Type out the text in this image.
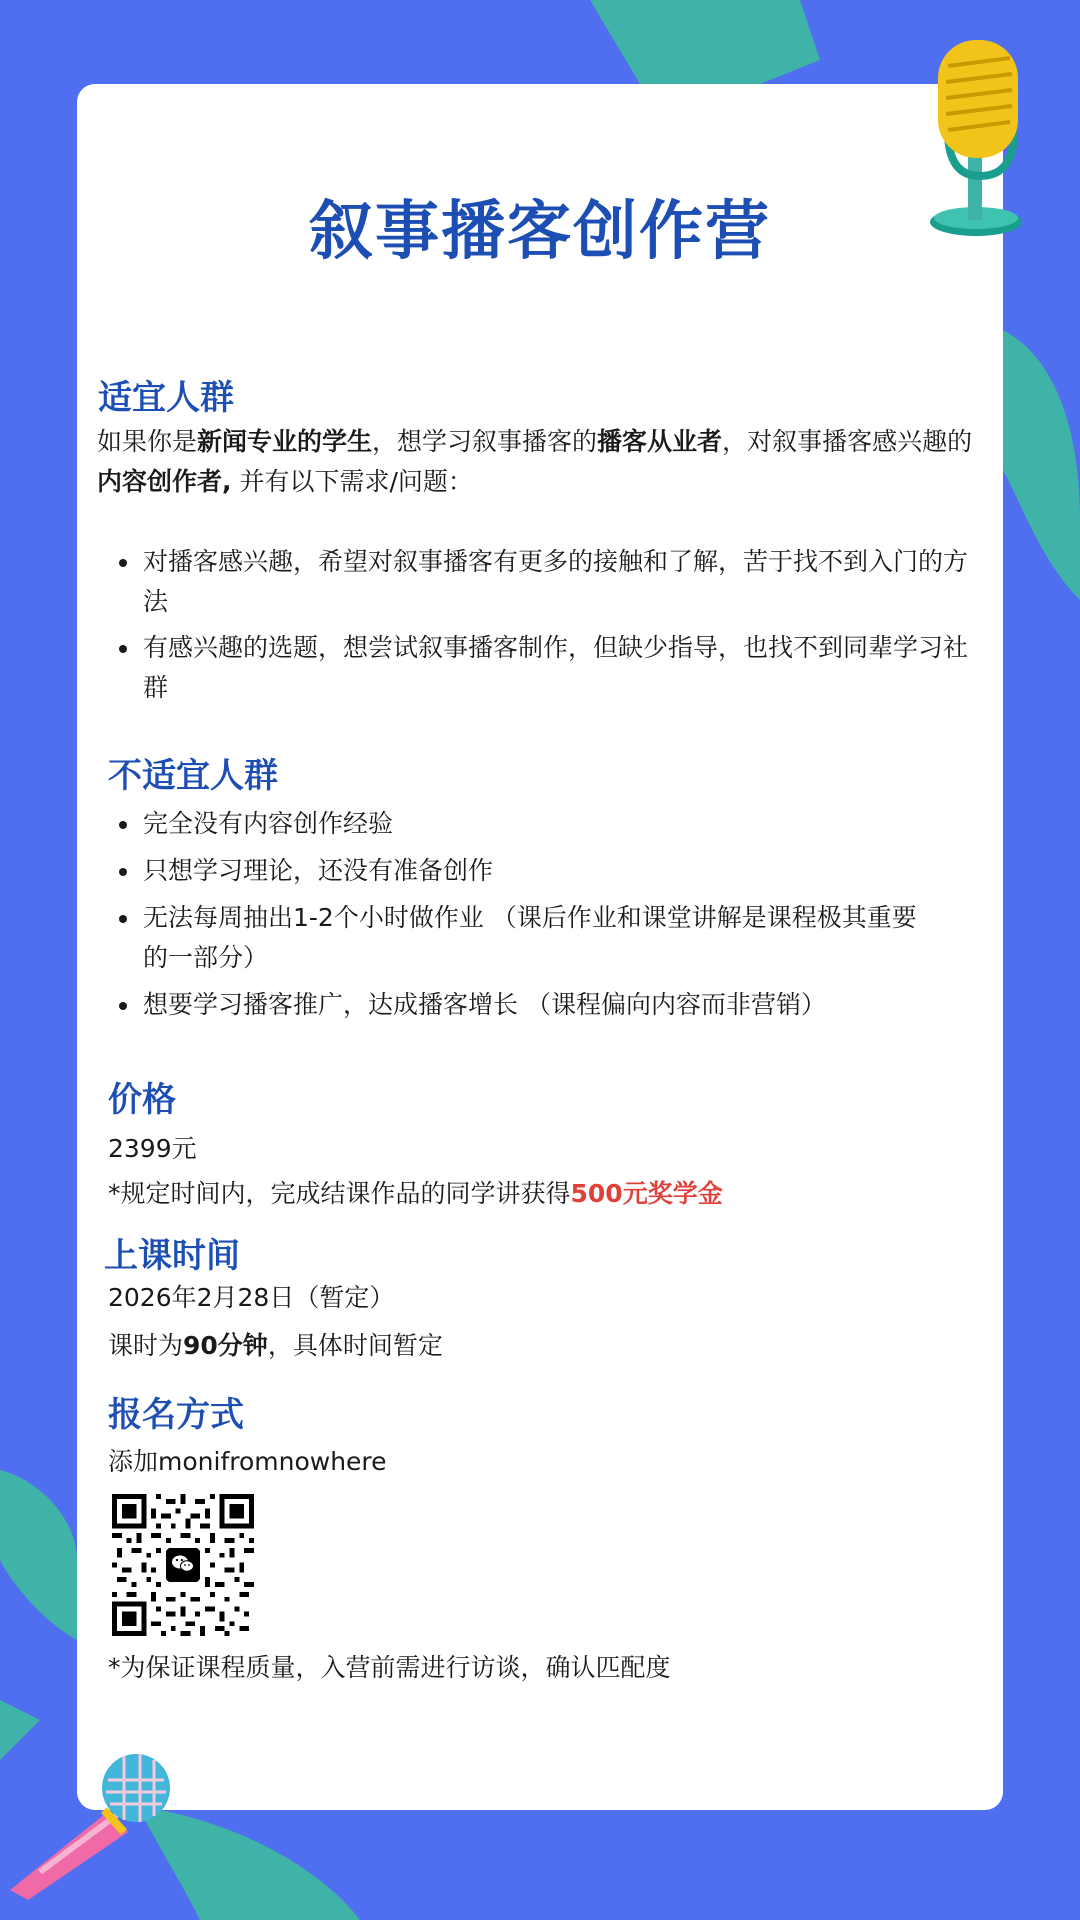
叙事播客创作营
适宜人群
如果你是新闻专业的学生，想学习叙事播客的播客从业者，对叙事播客感兴趣的内容创作者, 并有以下需求/问题：
对播客感兴趣，希望对叙事播客有更多的接触和了解，苦于找不到入门的方法
有感兴趣的选题，想尝试叙事播客制作，但缺少指导，也找不到同辈学习社群
不适宜人群
完全没有内容创作经验
只想学习理论，还没有准备创作
无法每周抽出1-2个小时做作业 （课后作业和课堂讲解是课程极其重要的一部分）
想要学习播客推广，达成播客增长 （课程偏向内容而非营销）
价格
2399元
*规定时间内，完成结课作品的同学讲获得500元奖学金
上课时间
2026年2月28日（暂定）
课时为90分钟，具体时间暂定
报名方式
添加monifromnowhere
*为保证课程质量，入营前需进行访谈，确认匹配度
